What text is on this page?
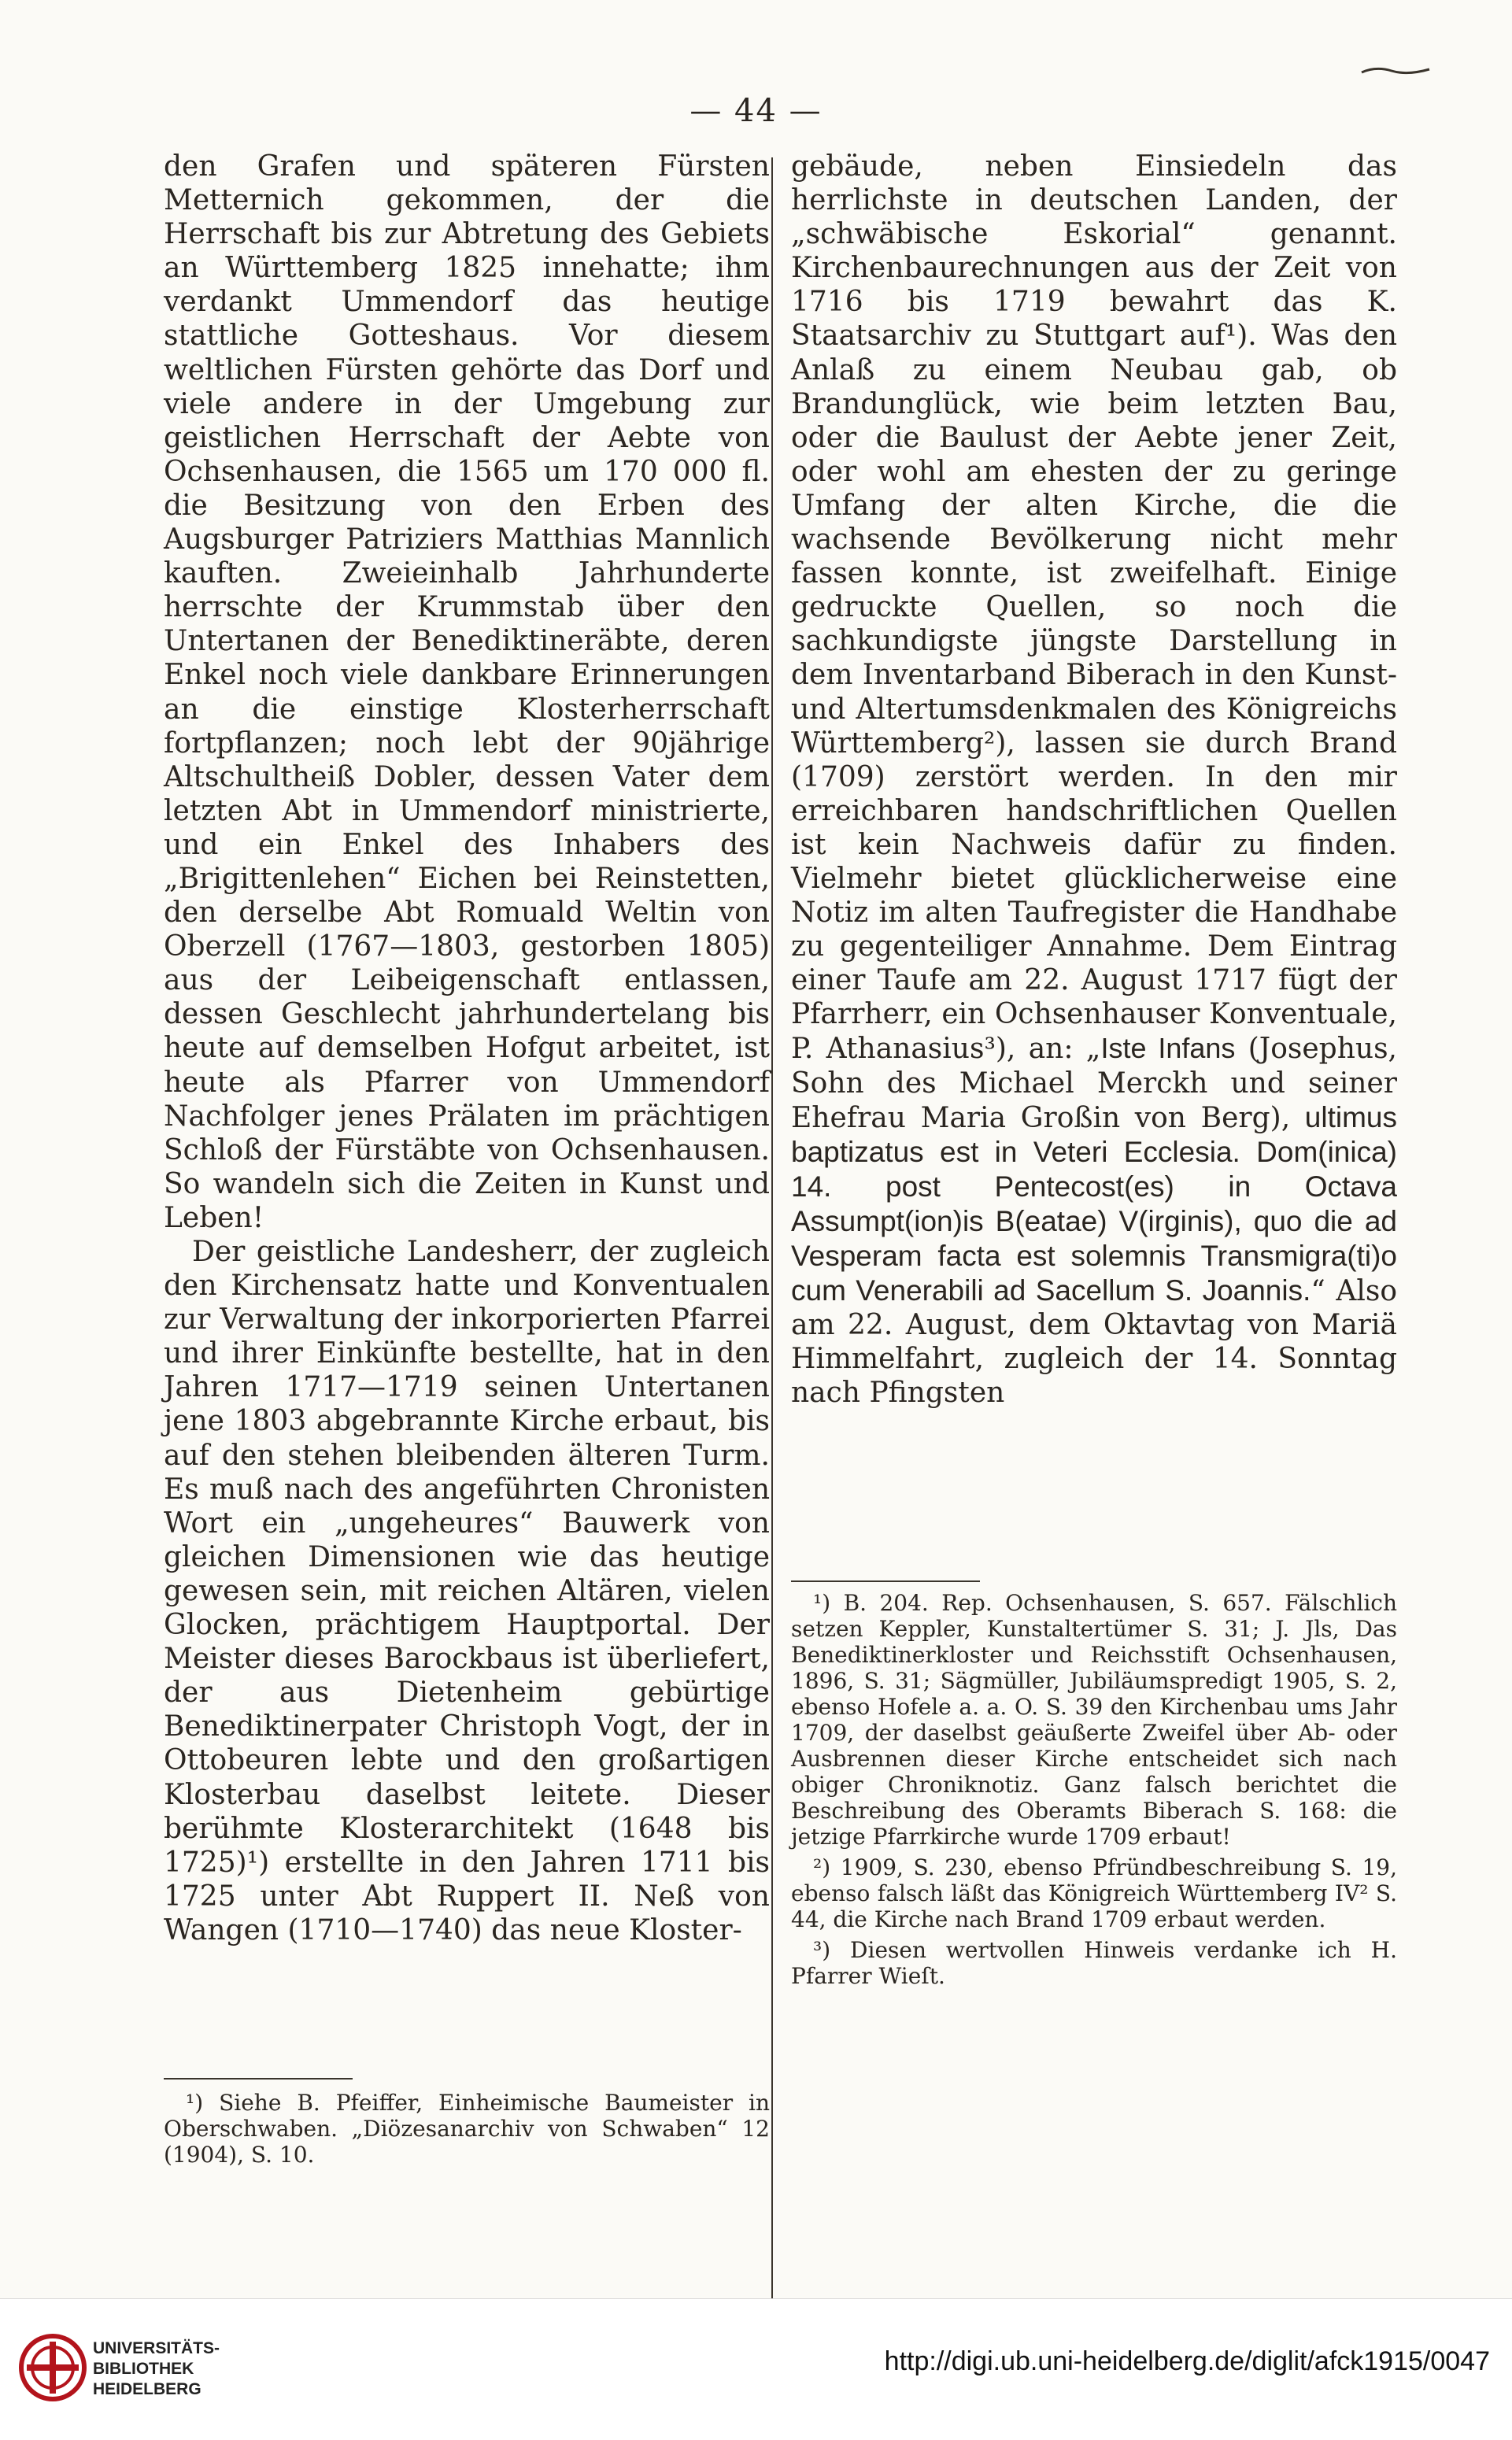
— 44 —

den Grafen und späteren Fürsten Metternich gekommen, der die Herrschaft bis zur Abtretung des Gebiets an Württemberg 1825 innehatte; ihm verdankt Ummendorf das heutige stattliche Gotteshaus. Vor diesem weltlichen Fürsten gehörte das Dorf und viele andere in der Umgebung zur geistlichen Herrschaft der Aebte von Ochsenhausen, die 1565 um 170 000 fl. die Besitzung von den Erben des Augsburger Patriziers Matthias Mannlich kauften. Zweieinhalb Jahrhunderte herrschte der Krummstab über den Untertanen der Benediktineräbte, deren Enkel noch viele dankbare Erinnerungen an die einstige Klosterherrschaft fortpflanzen; noch lebt der 90jährige Altschultheiß Dobler, dessen Vater dem letzten Abt in Ummendorf ministrierte, und ein Enkel des Inhabers des „Brigittenlehen“ Eichen bei Reinstetten, den derselbe Abt Romuald Weltin von Oberzell (1767—1803, gestorben 1805) aus der Leibeigenschaft entlassen, dessen Geschlecht jahrhundertelang bis heute auf demselben Hofgut arbeitet, ist heute als Pfarrer von Ummendorf Nachfolger jenes Prälaten im prächtigen Schloß der Fürstäbte von Ochsenhausen. So wandeln sich die Zeiten in Kunst und Leben!

Der geistliche Landesherr, der zugleich den Kirchensatz hatte und Konventualen zur Verwaltung der inkorporierten Pfarrei und ihrer Einkünfte bestellte, hat in den Jahren 1717—1719 seinen Untertanen jene 1803 abgebrannte Kirche erbaut, bis auf den stehen bleibenden älteren Turm. Es muß nach des angeführten Chronisten Wort ein „ungeheures“ Bauwerk von gleichen Dimensionen wie das heutige gewesen sein, mit reichen Altären, vielen Glocken, prächtigem Hauptportal. Der Meister dieses Barockbaus ist überliefert, der aus Dietenheim gebürtige Benediktinerpater Christoph Vogt, der in Ottobeuren lebte und den großartigen Klosterbau daselbst leitete. Dieser berühmte Klosterarchitekt (1648 bis 1725)¹) erstellte in den Jahren 1711 bis 1725 unter Abt Ruppert II. Neß von Wangen (1710—1740) das neue Kloster-

gebäude, neben Einsiedeln das herrlichste in deutschen Landen, der „schwäbische Eskorial“ genannt. Kirchenbaurechnungen aus der Zeit von 1716 bis 1719 bewahrt das K. Staatsarchiv zu Stuttgart auf¹). Was den Anlaß zu einem Neubau gab, ob Brandunglück, wie beim letzten Bau, oder die Baulust der Aebte jener Zeit, oder wohl am ehesten der zu geringe Umfang der alten Kirche, die die wachsende Bevölkerung nicht mehr fassen konnte, ist zweifelhaft. Einige gedruckte Quellen, so noch die sachkundigste jüngste Darstellung in dem Inventarband Biberach in den Kunst- und Altertumsdenkmalen des Königreichs Württemberg²), lassen sie durch Brand (1709) zerstört werden. In den mir erreichbaren handschriftlichen Quellen ist kein Nachweis dafür zu finden. Vielmehr bietet glücklicherweise eine Notiz im alten Taufregister die Handhabe zu gegenteiliger Annahme. Dem Eintrag einer Taufe am 22. August 1717 fügt der Pfarrherr, ein Ochsenhauser Konventuale, P. Athanasius³), an: „Iste Infans (Josephus, Sohn des Michael Merckh und seiner Ehefrau Maria Großin von Berg), ultimus baptizatus est in Veteri Ecclesia. Dom(inica) 14. post Pentecost(es) in Octava Assumpt(ion)is B(eatae) V(irginis), quo die ad Vesperam facta est solemnis Transmigra(ti)o cum Venerabili ad Sacellum S. Joannis.“ Also am 22. August, dem Oktavtag von Mariä Himmelfahrt, zugleich der 14. Sonntag nach Pfingsten

¹) Siehe B. Pfeiffer, Einheimische Baumeister in Oberschwaben. „Diözesanarchiv von Schwaben“ 12 (1904), S. 10.

¹) B. 204. Rep. Ochsenhausen, S. 657. Fälschlich setzen Keppler, Kunstaltertümer S. 31; J. Jls, Das Benediktinerkloster und Reichsstift Ochsenhausen, 1896, S. 31; Sägmüller, Jubiläumspredigt 1905, S. 2, ebenso Hofele a. a. O. S. 39 den Kirchenbau ums Jahr 1709, der daselbst geäußerte Zweifel über Ab- oder Ausbrennen dieser Kirche entscheidet sich nach obiger Chroniknotiz. Ganz falsch berichtet die Beschreibung des Oberamts Biberach S. 168: die jetzige Pfarrkirche wurde 1709 erbaut!

²) 1909, S. 230, ebenso Pfründbeschreibung S. 19, ebenso falsch läßt das Königreich Württemberg IV² S. 44, die Kirche nach Brand 1709 erbaut werden.

³) Diesen wertvollen Hinweis verdanke ich H. Pfarrer Wieſt.

UNIVERSITÄTS-
BIBLIOTHEK
HEIDELBERG
http://digi.ub.uni-heidelberg.de/diglit/afck1915/0047
